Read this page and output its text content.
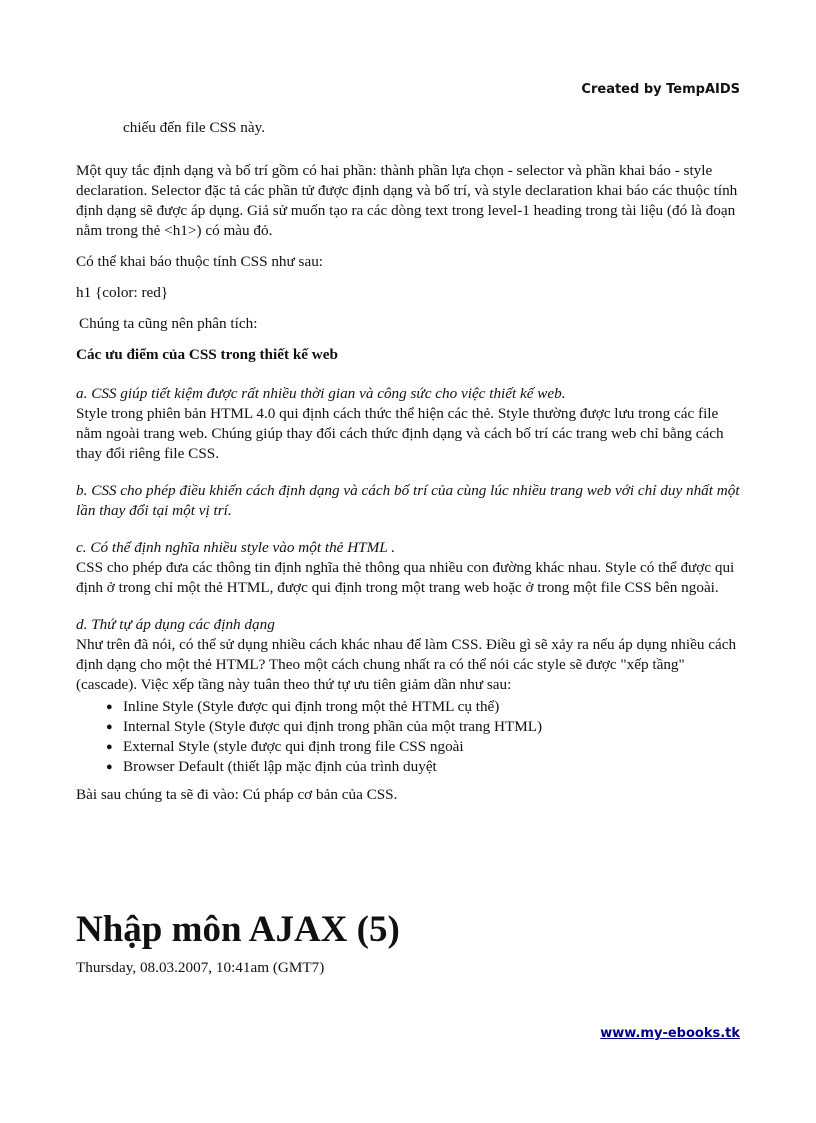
Created by TempAIDS

chiếu đến file CSS này.

Một quy tắc định dạng và bố trí gồm có hai phần: thành phần lựa chọn - selector và phần khai báo - style declaration. Selector đặc tả các phần tử được định dạng và bố trí, và style declaration khai báo các thuộc tính định dạng sẽ được áp dụng. Giả sử muốn tạo ra các dòng text trong level-1 heading trong tài liệu (đó là đoạn nằm trong thẻ <h1>) có màu đỏ.

Có thể khai báo thuộc tính CSS như sau:

h1 {color: red}

Chúng ta cũng nên phân tích:

Các ưu điểm của CSS trong thiết kế web

a. CSS giúp tiết kiệm được rất nhiều thời gian và công sức cho việc thiết kế web.

Style trong phiên bản HTML 4.0 qui định cách thức thể hiện các thẻ. Style thường được lưu trong các file nằm ngoài trang web. Chúng giúp thay đổi cách thức định dạng và cách bố trí các trang web chỉ bằng cách thay đổi riêng file CSS.

b. CSS cho phép điều khiển cách định dạng và cách bố trí của cùng lúc nhiều trang web với chỉ duy nhất một lần thay đổi tại một vị trí.

c. Có thể định nghĩa nhiều style vào một thẻ HTML .

CSS cho phép đưa các thông tin định nghĩa thẻ thông qua nhiều con đường khác nhau. Style có thể được qui định ở trong chỉ một thẻ HTML, được qui định trong một trang web hoặc ở trong một file CSS bên ngoài.

d. Thứ tự áp dụng các định dạng

Như trên đã nói, có thể sử dụng nhiều cách khác nhau để làm CSS. Điều gì sẽ xảy ra nếu áp dụng nhiều cách định dạng cho một thẻ HTML? Theo một cách chung nhất ra có thể nói các style sẽ được "xếp tầng" (cascade). Việc xếp tầng này tuân theo thứ tự ưu tiên giảm dần như sau:

● Inline Style (Style được qui định trong một thẻ HTML cụ thể)
● Internal Style (Style được qui định trong phần của một trang HTML)
● External Style (style được qui định trong file CSS ngoài
● Browser Default (thiết lập mặc định của trình duyệt

Bài sau chúng ta sẽ đi vào: Cú pháp cơ bản của CSS.

Nhập môn AJAX (5)
Thursday, 08.03.2007, 10:41am (GMT7)
www.my-ebooks.tk
